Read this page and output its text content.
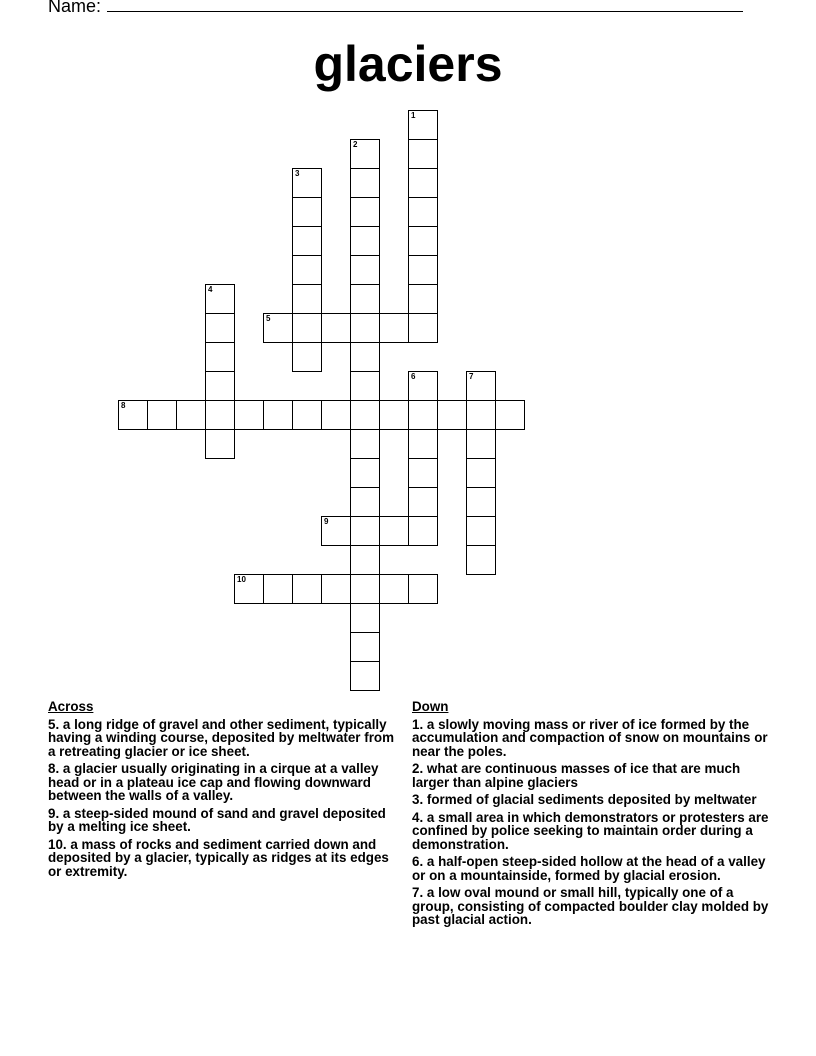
Name:
glaciers
1
2
3
4
5
6	7
8
9
10
Across
5. a long ridge of gravel and other sediment, typically having a winding course, deposited by meltwater from a retreating glacier or ice sheet.
8. a glacier usually originating in a cirque at a valley head or in a plateau ice cap and flowing downward between the walls of a valley.
9. a steep-sided mound of sand and gravel deposited by a melting ice sheet.
10. a mass of rocks and sediment carried down and deposited by a glacier, typically as ridges at its edges or extremity.
Down
1. a slowly moving mass or river of ice formed by the accumulation and compaction of snow on mountains or near the poles.
2. what are continuous masses of ice that are much larger than alpine glaciers
3. formed of glacial sediments deposited by meltwater
4. a small area in which demonstrators or protesters are confined by police seeking to maintain order during a demonstration.
6. a half-open steep-sided hollow at the head of a valley or on a mountainside, formed by glacial erosion.
7. a low oval mound or small hill, typically one of a group, consisting of compacted boulder clay molded by past glacial action.
